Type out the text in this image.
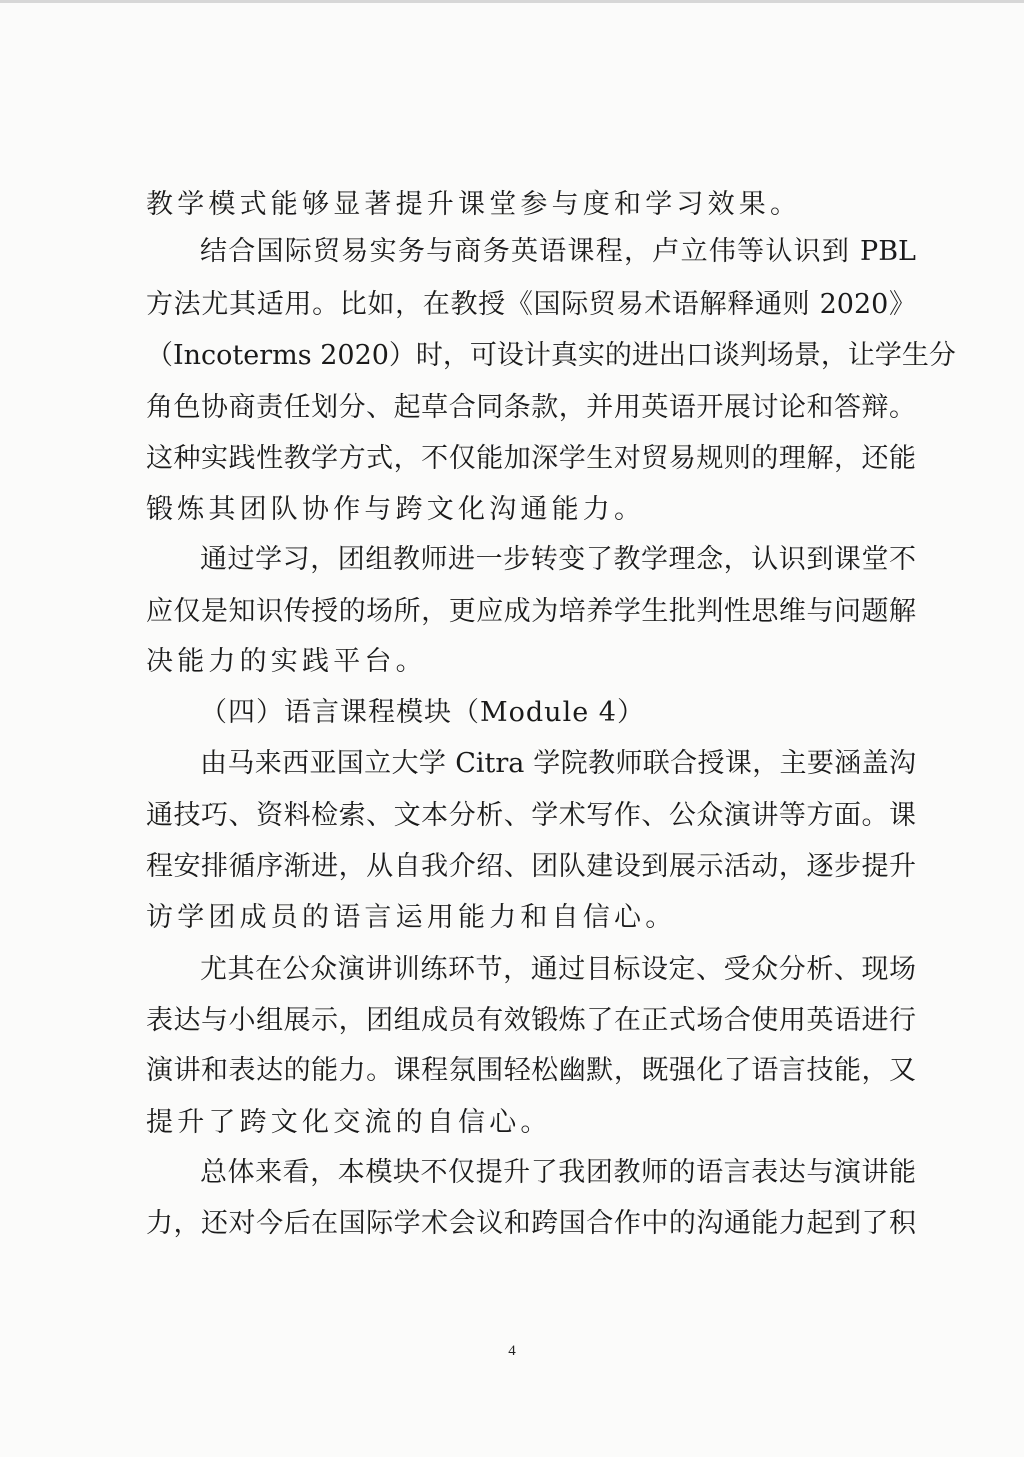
教学模式能够显著提升课堂参与度和学习效果。
结合国际贸易实务与商务英语课程，卢立伟等认识到 PBL
方法尤其适用。比如，在教授《国际贸易术语解释通则 2020》
（Incoterms 2020）时，可设计真实的进出口谈判场景，让学生分
角色协商责任划分、起草合同条款，并用英语开展讨论和答辩。
这种实践性教学方式，不仅能加深学生对贸易规则的理解，还能
锻炼其团队协作与跨文化沟通能力。
通过学习，团组教师进一步转变了教学理念，认识到课堂不
应仅是知识传授的场所，更应成为培养学生批判性思维与问题解
决能力的实践平台。
（四）语言课程模块（Module 4）
由马来西亚国立大学 Citra 学院教师联合授课，主要涵盖沟
通技巧、资料检索、文本分析、学术写作、公众演讲等方面。课
程安排循序渐进，从自我介绍、团队建设到展示活动，逐步提升
访学团成员的语言运用能力和自信心。
尤其在公众演讲训练环节，通过目标设定、受众分析、现场
表达与小组展示，团组成员有效锻炼了在正式场合使用英语进行
演讲和表达的能力。课程氛围轻松幽默，既强化了语言技能，又
提升了跨文化交流的自信心。
总体来看，本模块不仅提升了我团教师的语言表达与演讲能
力，还对今后在国际学术会议和跨国合作中的沟通能力起到了积
4
